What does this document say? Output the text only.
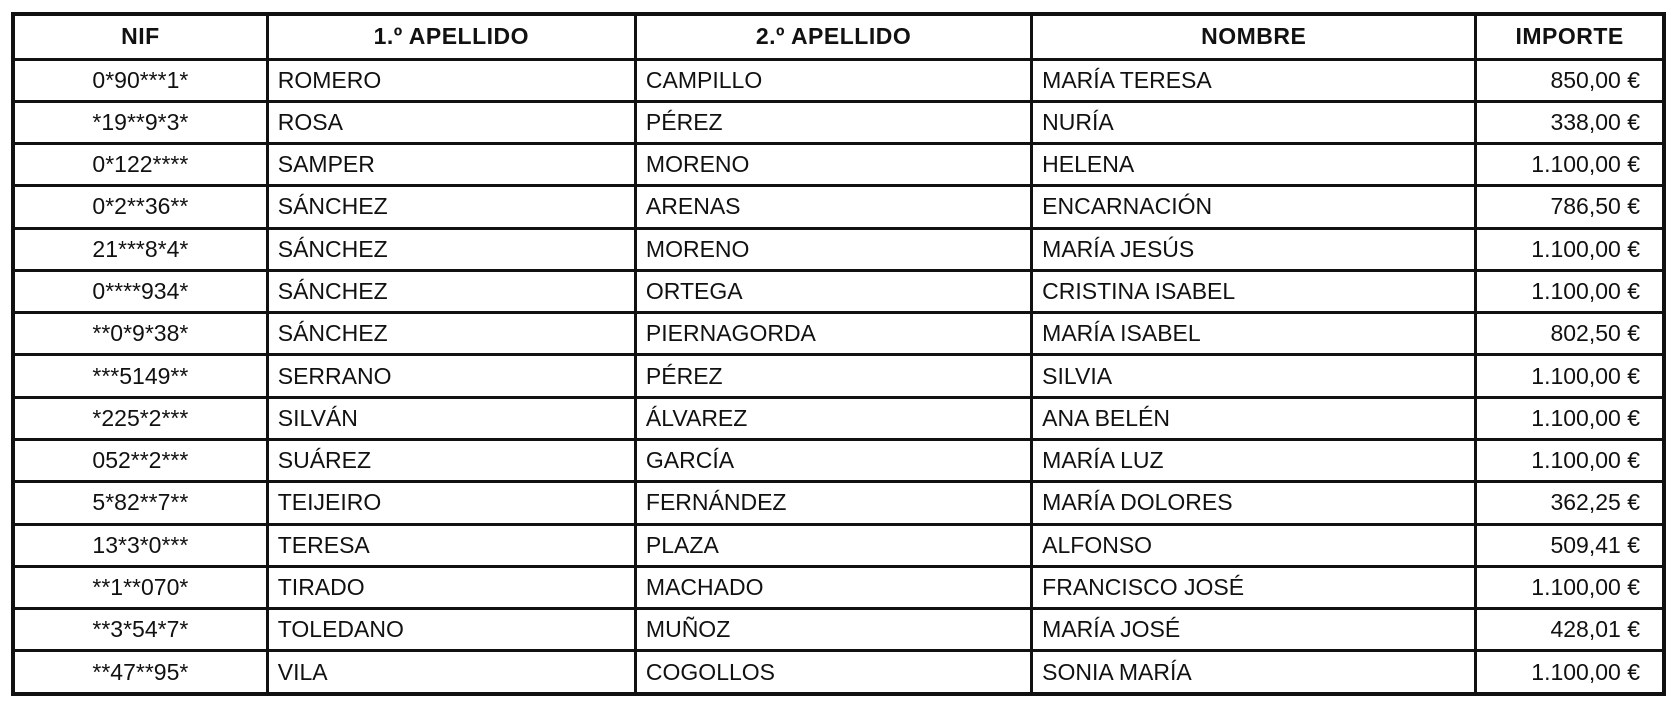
NIF	1.º APELLIDO	2.º APELLIDO	NOMBRE	IMPORTE
0*90***1*	ROMERO	CAMPILLO	MARÍA TERESA	850,00 €
*19**9*3*	ROSA	PÉREZ	NURÍA	338,00 €
0*122****	SAMPER	MORENO	HELENA	1.100,00 €
0*2**36**	SÁNCHEZ	ARENAS	ENCARNACIÓN	786,50 €
21***8*4*	SÁNCHEZ	MORENO	MARÍA JESÚS	1.100,00 €
0****934*	SÁNCHEZ	ORTEGA	CRISTINA ISABEL	1.100,00 €
**0*9*38*	SÁNCHEZ	PIERNAGORDA	MARÍA ISABEL	802,50 €
***5149**	SERRANO	PÉREZ	SILVIA	1.100,00 €
*225*2***	SILVÁN	ÁLVAREZ	ANA BELÉN	1.100,00 €
052**2***	SUÁREZ	GARCÍA	MARÍA LUZ	1.100,00 €
5*82**7**	TEIJEIRO	FERNÁNDEZ	MARÍA DOLORES	362,25 €
13*3*0***	TERESA	PLAZA	ALFONSO	509,41 €
**1**070*	TIRADO	MACHADO	FRANCISCO JOSÉ	1.100,00 €
**3*54*7*	TOLEDANO	MUÑOZ	MARÍA JOSÉ	428,01 €
**47**95*	VILA	COGOLLOS	SONIA MARÍA	1.100,00 €
